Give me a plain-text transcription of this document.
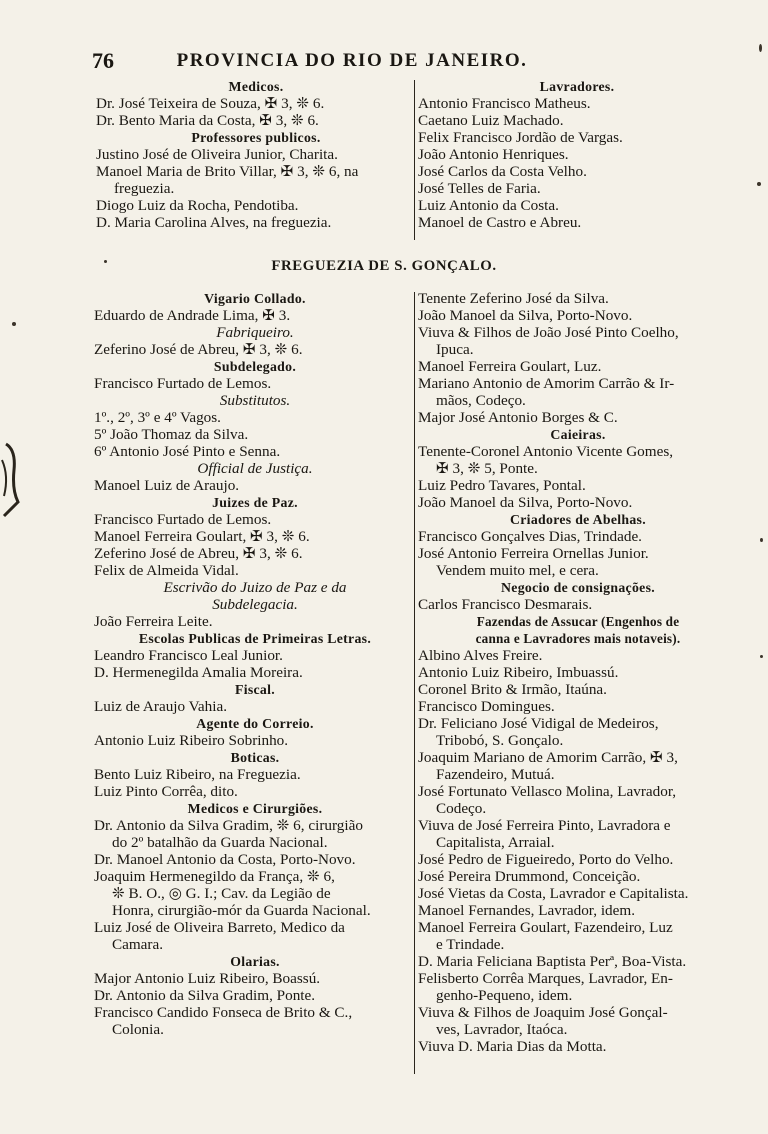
76	PROVINCIA DO RIO DE JANEIRO.
Medicos.
Dr. José Teixeira de Souza, ✠ 3, ❊ 6.
Dr. Bento Maria da Costa, ✠ 3, ❊ 6.
Professores publicos.
Justino José de Oliveira Junior, Charita.
Manoel Maria de Brito Villar, ✠ 3, ❊ 6, na
freguezia.
Diogo Luiz da Rocha, Pendotiba.
D. Maria Carolina Alves, na freguezia.
Lavradores.
Antonio Francisco Matheus.
Caetano Luiz Machado.
Felix Francisco Jordão de Vargas.
João Antonio Henriques.
José Carlos da Costa Velho.
José Telles de Faria.
Luiz Antonio da Costa.
Manoel de Castro e Abreu.
FREGUEZIA DE S. GONÇALO.
Vigario Collado.
Eduardo de Andrade Lima, ✠ 3.
Fabriqueiro.
Zeferino José de Abreu, ✠ 3, ❊ 6.
Subdelegado.
Francisco Furtado de Lemos.
Substitutos.
1º., 2º, 3º e 4º Vagos.
5º João Thomaz da Silva.
6º Antonio José Pinto e Senna.
Official de Justiça.
Manoel Luiz de Araujo.
Juizes de Paz.
Francisco Furtado de Lemos.
Manoel Ferreira Goulart, ✠ 3, ❊ 6.
Zeferino José de Abreu, ✠ 3, ❊ 6.
Felix de Almeida Vidal.
Escrivão do Juizo de Paz e da
Subdelegacia.
João Ferreira Leite.
Escolas Publicas de Primeiras Letras.
Leandro Francisco Leal Junior.
D. Hermenegilda Amalia Moreira.
Fiscal.
Luiz de Araujo Vahia.
Agente do Correio.
Antonio Luiz Ribeiro Sobrinho.
Boticas.
Bento Luiz Ribeiro, na Freguezia.
Luiz Pinto Corrêa, dito.
Medicos e Cirurgiões.
Dr. Antonio da Silva Gradim, ❊ 6, cirurgião
do 2º batalhão da Guarda Nacional.
Dr. Manoel Antonio da Costa, Porto-Novo.
Joaquim Hermenegildo da França, ❊ 6,
❊ B. O., ◎ G. I.; Cav. da Legião de
Honra, cirurgião-mór da Guarda Nacional.
Luiz José de Oliveira Barreto, Medico da
Camara.
Olarias.
Major Antonio Luiz Ribeiro, Boassú.
Dr. Antonio da Silva Gradim, Ponte.
Francisco Candido Fonseca de Brito & C.,
Colonia.
Tenente Zeferino José da Silva.
João Manoel da Silva, Porto-Novo.
Viuva & Filhos de João José Pinto Coelho,
Ipuca.
Manoel Ferreira Goulart, Luz.
Mariano Antonio de Amorim Carrão & Ir-
mãos, Codeço.
Major José Antonio Borges & C.
Caieiras.
Tenente-Coronel Antonio Vicente Gomes,
✠ 3, ❊ 5, Ponte.
Luiz Pedro Tavares, Pontal.
João Manoel da Silva, Porto-Novo.
Criadores de Abelhas.
Francisco Gonçalves Dias, Trindade.
José Antonio Ferreira Ornellas Junior.
Vendem muito mel, e cera.
Negocio de consignações.
Carlos Francisco Desmarais.
Fazendas de Assucar (Engenhos de
canna e Lavradores mais notaveis).
Albino Alves Freire.
Antonio Luiz Ribeiro, Imbuassú.
Coronel Brito & Irmão, Itaúna.
Francisco Domingues.
Dr. Feliciano José Vidigal de Medeiros,
Tribobó, S. Gonçalo.
Joaquim Mariano de Amorim Carrão, ✠ 3,
Fazendeiro, Mutuá.
José Fortunato Vellasco Molina, Lavrador,
Codeço.
Viuva de José Ferreira Pinto, Lavradora e
Capitalista, Arraial.
José Pedro de Figueiredo, Porto do Velho.
José Pereira Drummond, Conceição.
José Vietas da Costa, Lavrador e Capitalista.
Manoel Fernandes, Lavrador, idem.
Manoel Ferreira Goulart, Fazendeiro, Luz
e Trindade.
D. Maria Feliciana Baptista Perª, Boa-Vista.
Felisberto Corrêa Marques, Lavrador, En-
genho-Pequeno, idem.
Viuva & Filhos de Joaquim José Gonçal-
ves, Lavrador, Itaóca.
Viuva D. Maria Dias da Motta.
